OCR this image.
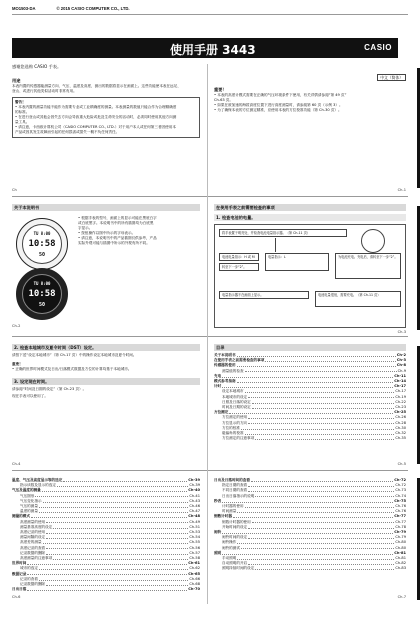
MO1503-DA	© 2015 CASIO COMPUTER CO., LTD.
使用手册 3443	CASIO
感谢您选购 CASIO 手表。
用途
本表内置的传感器能测量方向、气压、温度及高度，测出的数据将显示在画面上。这些功能使本表在远足、
登山、或进行其他类似活动时非常有用。
警告！
• 本表内置的测量功能不能作为需要专业或工业精确度的测量。本表测量的数值只能合作为合理精确度
的标准。
• 在进行登山或其他会因失去方向会导致重大危险或危及生命安全的活动时，必须同时使用其他方向测
量工具。
• 请注意，卡西欧计算机公司（CASIO COMPUTER CO., LTD.）对于用户本人或任何第三者因使用本
产品或因其发生故障而引起的任何损害或损失一概不负任何责任。
中文（简体）
重要！
• 本表的高度计模式需要在正确的气压环境条件下使用，有关详情请参阅“第 49 页”
Ch-63 页。
• 如果在被加速的海拔高度位置下进行高度测量时，请参阅第 60 页（示例 3）。
• 为了确保本表的方位测定精准，应使用本表的方位校准功能（第 Ch-30 页）。
Ch	Ch-1
关于本说明书
TU 8:00
10:58
50
TU 8:00
10:58
50
• 根据手表的型号，画面上的显示可能在黑底白字
或白底黑字。本说明书中的所有插图均为白底黑
字显示。
• 按钮操作以图中所示的字母表示。
• 请注意，本说明书中的产品插图仅供参考，产品
实际外观可能与插图中所示的外观有所不同。
在使用手表之前需要检查的事项
1. 检查电池的电量。
将手表置于明亮处，并检查电池电量指示器。（第 Ch-11 页）
电池电量指示：H 或 M
转至下一步“2”。
电量指示：L	为电池充电。充电后，请转至下一步“2”。
电量指示器不在画面上显示。	电池电量很低，需要充电。（第 Ch-11 页）
Ch-2
Ch-3
2. 检查本地城市及夏令时间（DST）设定。
请按下述“设定本地城市”（第 Ch-17 页）中的操作设定本地城市及夏令时间。
重要！
• 正确的世界时间模式及日出/日落模式数据及方位的计算均基于本地城市。
3. 设定现在时间。
请参阅“时间及日期的设定”（第 Ch-23 页）。
现在手表可以使用了。
目录
关于本说明书	Ch-2
在使用手表之前需要检查的事项	Ch-3
传感器的使用	Ch-8
测量值的检查	Ch-9
充电	Ch-11
模式参考指南	Ch-14
计时	Ch-17
设定本地城市	Ch-17
本地城市的设定	Ch-19
日照及日落的设定	Ch-22
时间及日期的设定	Ch-23
方位测定	Ch-25
方位测定的使用	Ch-26
方位显示的方向	Ch-28
方位的校准	Ch-30
磁偏角的校准	Ch-32
方位测定的注意事项	Ch-35
Ch-4	Ch-5
温度、气压及高度显示等的选定	Ch-39
指示读数及显示的选定	Ch-39
气压及温度的测量	Ch-40
气压图形	Ch-41
气压变化指示	Ch-43
气压的测量	Ch-46
温度的测量	Ch-47
测量的模式	Ch-48
高度测量的使用	Ch-49
测量基准高度的设定	Ch-51
高度记录的使用	Ch-53
测量间隔的设定	Ch-54
高度差的测量	Ch-55
高度记录的查看	Ch-56
记录数据的删除	Ch-57
高度测量的注意事项	Ch-58
世界时间	Ch-61
城市的选定	Ch-62
数据记录	Ch-65
记录的查看	Ch-66
记录数据的删除	Ch-68
日出日落	Ch-70
日出及日落时间的查看	Ch-72
指定日期的查看	Ch-72
不同日期的查看	Ch-73
日出日落指示的说明	Ch-74
秒表	Ch-75
计时器的使用	Ch-76
时间测量	Ch-76
倒数计时器	Ch-77
倒数计时器的使用	Ch-77
开始时间的设定	Ch-78
闹铃	Ch-79
闹铃时间的设定	Ch-79
闹铃操作	Ch-80
闹铃的测试	Ch-80
照明	Ch-81
手动照明	Ch-81
自动照明的开启	Ch-82
照明持续时间的设定	Ch-83
Ch-6	Ch-7
